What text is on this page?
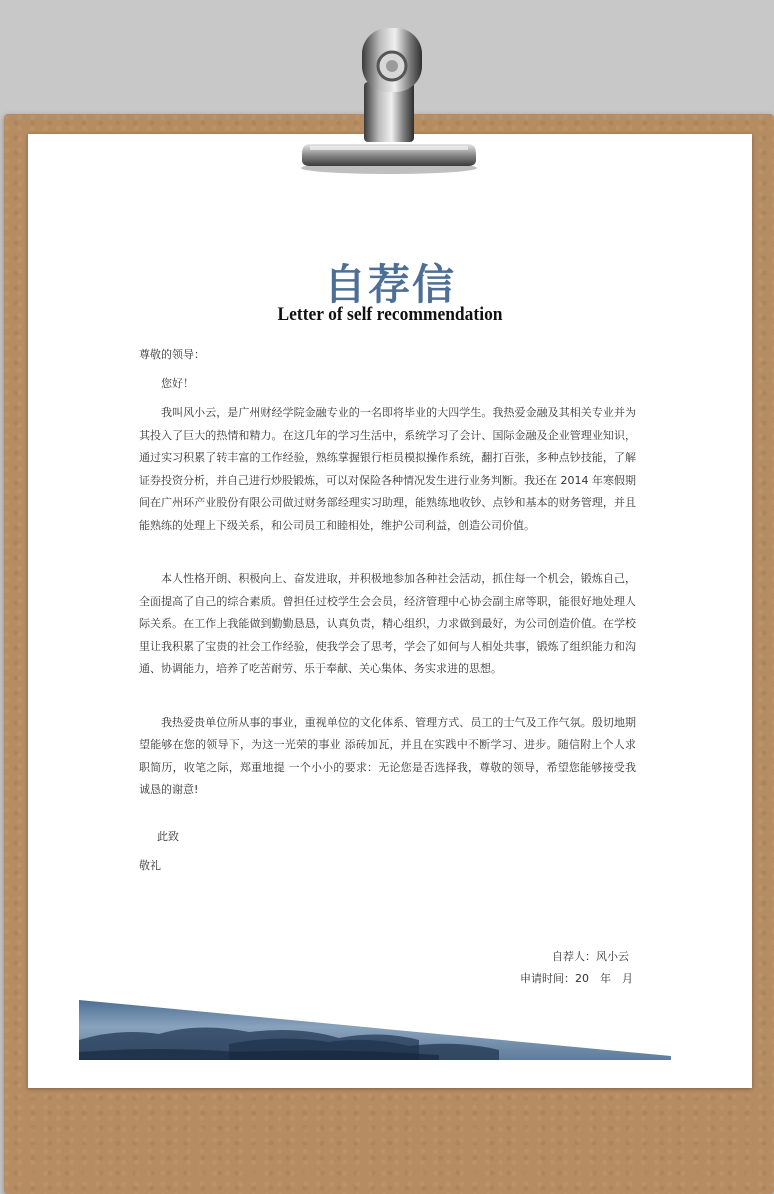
自荐信
Letter of self recommendation

尊敬的领导：

您好！

我叫风小云，是广州财经学院金融专业的一名即将毕业的大四学生。我热爱金融及其相关专业并为其投入了巨大的热情和精力。在这几年的学习生活中，系统学习了会计、国际金融及企业管理业知识，通过实习积累了转丰富的工作经验，熟练掌握银行柜员模拟操作系统，翻打百张，多种点钞技能，了解证券投资分析，并自己进行炒股锻炼，可以对保险各种情况发生进行业务判断。我还在 2014 年寒假期间在广州环产业股份有限公司做过财务部经理实习助理，能熟练地收钞、点钞和基本的财务管理，并且能熟练的处理上下级关系，和公司员工和睦相处，维护公司利益，创造公司价值。

本人性格开朗、积极向上、奋发进取，并积极地参加各种社会活动，抓住每一个机会，锻炼自己，全面提高了自己的综合素质。曾担任过校学生会会员，经济管理中心协会副主席等职，能很好地处理人际关系。在工作上我能做到勤勤恳恳，认真负责，精心组织，力求做到最好，为公司创造价值。在学校里让我积累了宝贵的社会工作经验，使我学会了思考，学会了如何与人相处共事，锻炼了组织能力和沟通、协调能力，培养了吃苦耐劳、乐于奉献、关心集体、务实求进的思想。

我热爱贵单位所从事的事业，重视单位的文化体系、管理方式、员工的士气及工作气氛。殷切地期望能够在您的领导下，为这一光荣的事业 添砖加瓦，并且在实践中不断学习、进步。随信附上个人求职简历，收笔之际，郑重地提 一个小小的要求：无论您是否选择我，尊敬的领导，希望您能够接受我诚恳的谢意!

此致

敬礼

自荐人：风小云
申请时间：20　年　月
